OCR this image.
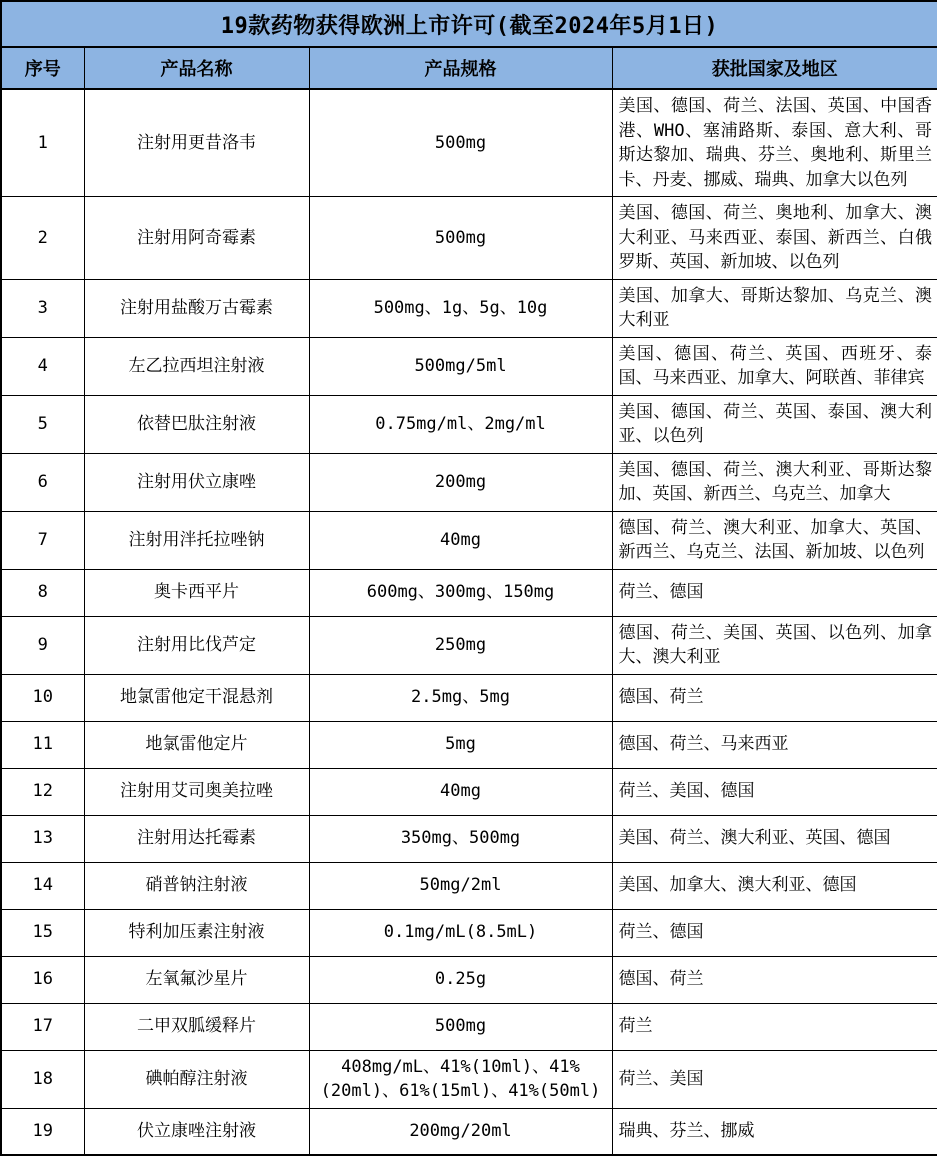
19款药物获得欧洲上市许可(截至2024年5月1日)			
序号	产品名称	产品规格	获批国家及地区
1	注射用更昔洛韦	500mg	美国、德国、荷兰、法国、英国、中国香港、WHO、塞浦路斯、泰国、意大利、哥斯达黎加、瑞典、芬兰、奥地利、斯里兰卡、丹麦、挪威、瑞典、加拿大以色列
2	注射用阿奇霉素	500mg	美国、德国、荷兰、奥地利、加拿大、澳大利亚、马来西亚、泰国、新西兰、白俄罗斯、英国、新加坡、以色列
3	注射用盐酸万古霉素	500mg、1g、5g、10g	美国、加拿大、哥斯达黎加、乌克兰、澳大利亚
4	左乙拉西坦注射液	500mg/5ml	美国、德国、荷兰、英国、西班牙、泰国、马来西亚、加拿大、阿联酋、菲律宾
5	依替巴肽注射液	0.75mg/ml、2mg/ml	美国、德国、荷兰、英国、泰国、澳大利亚、以色列
6	注射用伏立康唑	200mg	美国、德国、荷兰、澳大利亚、哥斯达黎加、英国、新西兰、乌克兰、加拿大
7	注射用泮托拉唑钠	40mg	德国、荷兰、澳大利亚、加拿大、英国、新西兰、乌克兰、法国、新加坡、以色列
8	奥卡西平片	600mg、300mg、150mg	荷兰、德国
9	注射用比伐芦定	250mg	德国、荷兰、美国、英国、以色列、加拿大、澳大利亚
10	地氯雷他定干混悬剂	2.5mg、5mg	德国、荷兰
11	地氯雷他定片	5mg	德国、荷兰、马来西亚
12	注射用艾司奥美拉唑	40mg	荷兰、美国、德国
13	注射用达托霉素	350mg、500mg	美国、荷兰、澳大利亚、英国、德国
14	硝普钠注射液	50mg/2ml	美国、加拿大、澳大利亚、德国
15	特利加压素注射液	0.1mg/mL(8.5mL)	荷兰、德国
16	左氧氟沙星片	0.25g	德国、荷兰
17	二甲双胍缓释片	500mg	荷兰
18	碘帕醇注射液	408mg/mL、41%(10ml)、41%(20ml)、61%(15ml)、41%(50ml)	荷兰、美国
19	伏立康唑注射液	200mg/20ml	瑞典、芬兰、挪威
